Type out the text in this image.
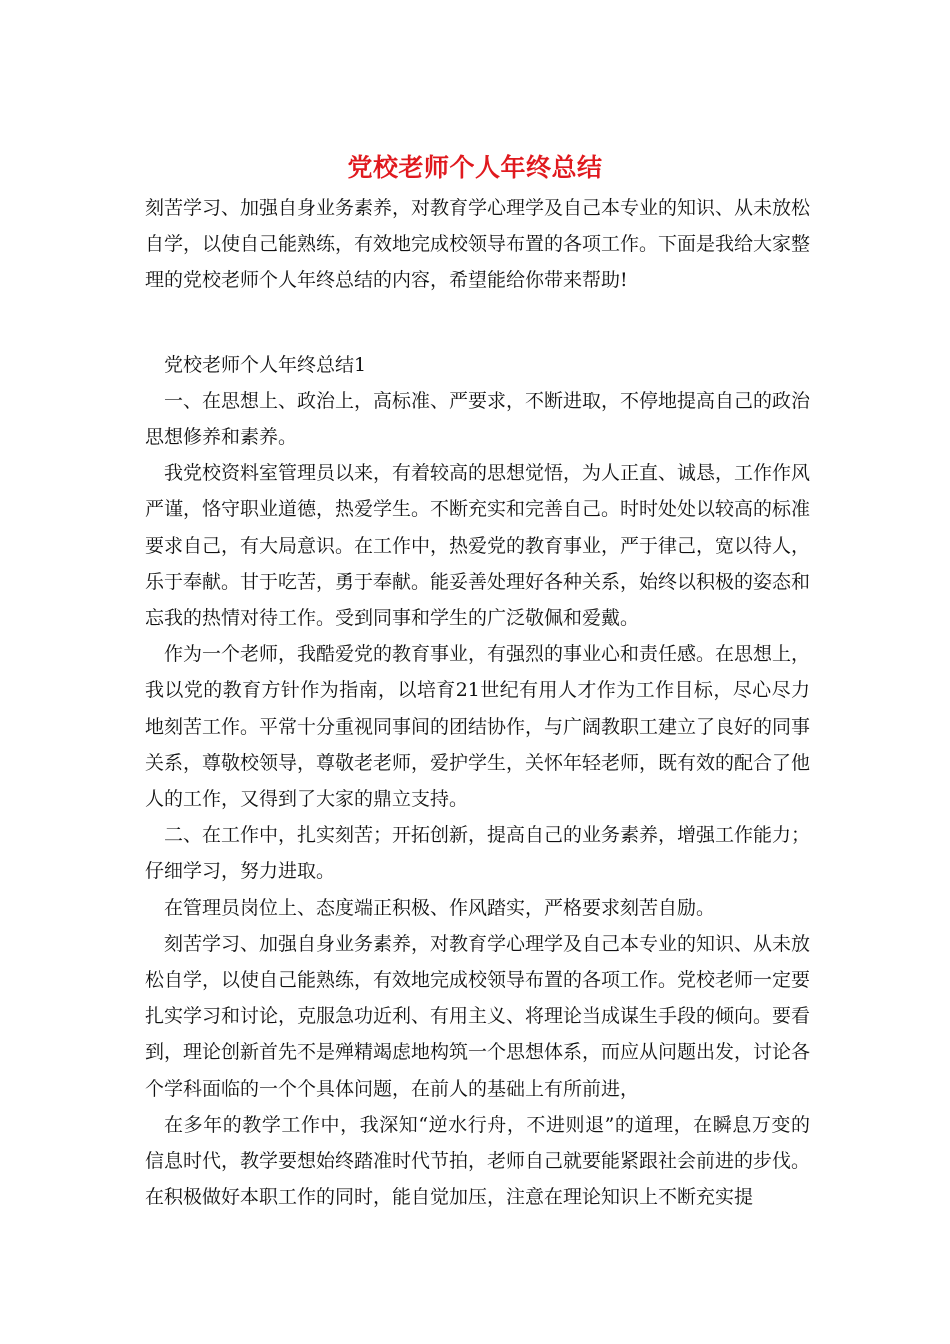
党校老师个人年终总结

刻苦学习、加强自身业务素养，对教育学心理学及自己本专业的知识、从未放松自学，以使自己能熟练，有效地完成校领导布置的各项工作。下面是我给大家整理的党校老师个人年终总结的内容，希望能给你带来帮助!

党校老师个人年终总结1

一、在思想上、政治上，高标准、严要求，不断进取，不停地提高自己的政治思想修养和素养。

我党校资料室管理员以来，有着较高的思想觉悟，为人正直、诚恳，工作作风严谨，恪守职业道德，热爱学生。不断充实和完善自己。时时处处以较高的标准要求自己，有大局意识。在工作中，热爱党的教育事业，严于律己，宽以待人，乐于奉献。甘于吃苦，勇于奉献。能妥善处理好各种关系，始终以积极的姿态和忘我的热情对待工作。受到同事和学生的广泛敬佩和爱戴。

作为一个老师，我酷爱党的教育事业，有强烈的事业心和责任感。在思想上，我以党的教育方针作为指南，以培育21世纪有用人才作为工作目标，尽心尽力地刻苦工作。平常十分重视同事间的团结协作，与广阔教职工建立了良好的同事关系，尊敬校领导，尊敬老老师，爱护学生，关怀年轻老师，既有效的配合了他人的工作，又得到了大家的鼎立支持。

二、在工作中，扎实刻苦；开拓创新，提高自己的业务素养，增强工作能力；仔细学习，努力进取。

在管理员岗位上、态度端正积极、作风踏实，严格要求刻苦自励。

刻苦学习、加强自身业务素养，对教育学心理学及自己本专业的知识、从未放松自学，以使自己能熟练，有效地完成校领导布置的各项工作。党校老师一定要扎实学习和讨论，克服急功近利、有用主义、将理论当成谋生手段的倾向。要看到，理论创新首先不是殚精竭虑地构筑一个思想体系，而应从问题出发，讨论各个学科面临的一个个具体问题，在前人的基础上有所前进，

在多年的教学工作中，我深知“逆水行舟，不进则退”的道理，在瞬息万变的信息时代，教学要想始终踏准时代节拍，老师自己就要能紧跟社会前进的步伐。在积极做好本职工作的同时，能自觉加压，注意在理论知识上不断充实提
